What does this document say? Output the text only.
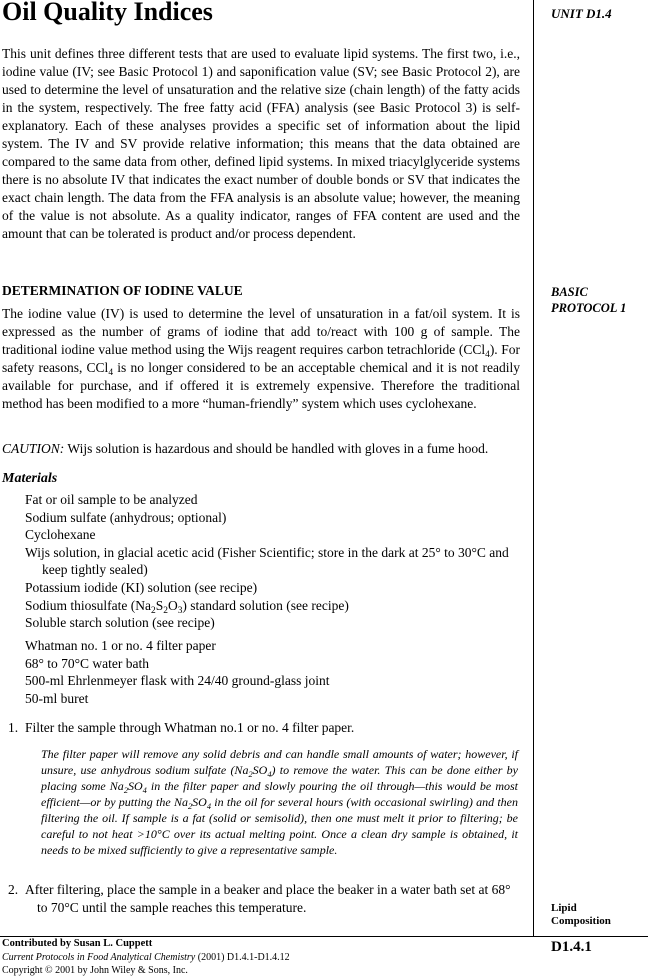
Oil Quality Indices	UNIT D1.4

This unit defines three different tests that are used to evaluate lipid systems. The first two, i.e., iodine value (IV; see Basic Protocol 1) and saponification value (SV; see Basic Protocol 2), are used to determine the level of unsaturation and the relative size (chain length) of the fatty acids in the system, respectively. The free fatty acid (FFA) analysis (see Basic Protocol 3) is self-explanatory. Each of these analyses provides a specific set of information about the lipid system. The IV and SV provide relative information; this means that the data obtained are compared to the same data from other, defined lipid systems. In mixed triacylglyceride systems there is no absolute IV that indicates the exact number of double bonds or SV that indicates the exact chain length. The data from the FFA analysis is an absolute value; however, the meaning of the value is not absolute. As a quality indicator, ranges of FFA content are used and the amount that can be tolerated is product and/or process dependent.

DETERMINATION OF IODINE VALUE	BASIC
PROTOCOL 1

The iodine value (IV) is used to determine the level of unsaturation in a fat/oil system. It is expressed as the number of grams of iodine that add to/react with 100 g of sample. The traditional iodine value method using the Wijs reagent requires carbon tetrachloride (CCl$_4$). For safety reasons, CCl$_4$ is no longer considered to be an acceptable chemical and it is not readily available for purchase, and if offered it is extremely expensive. Therefore the traditional method has been modified to a more “human-friendly” system which uses cyclohexane.

CAUTION: Wijs solution is hazardous and should be handled with gloves in a fume hood.

Materials
Fat or oil sample to be analyzed
Sodium sulfate (anhydrous; optional)
Cyclohexane
Wijs solution, in glacial acetic acid (Fisher Scientific; store in the dark at 25° to 30°C and keep tightly sealed)
Potassium iodide (KI) solution (see recipe)
Sodium thiosulfate $(Na_2S_2O_3)$ standard solution (see recipe)
Soluble starch solution (see recipe)
Whatman no. 1 or no. 4 filter paper
68° to 70°C water bath
500-ml Ehrlenmeyer flask with 24/40 ground-glass joint
50-ml buret
1. Filter the sample through Whatman no.1 or no. 4 filter paper.

The filter paper will remove any solid debris and can handle small amounts of water; however, if unsure, use anhydrous sodium sulfate $(Na_2SO_4)$ to remove the water. This can be done either by placing some $Na_2SO_4$ in the filter paper and slowly pouring the oil through—this would be most efficient—or by putting the $Na_2SO_4$ in the oil for several hours (with occasional swirling) and then filtering the oil. If sample is a fat (solid or semisolid), then one must melt it prior to filtering; be careful to not heat >10°C over its actual melting point. Once a clean dry sample is obtained, it needs to be mixed sufficiently to give a representative sample.

2. After filtering, place the sample in a beaker and place the beaker in a water bath set at 68° to 70°C until the sample reaches this temperature.	Lipid
Composition
Contributed by Susan L. Cuppett
Current Protocols in Food Analytical Chemistry (2001) D1.4.1-D1.4.12
Copyright © 2001 by John Wiley & Sons, Inc.
D1.4.1
